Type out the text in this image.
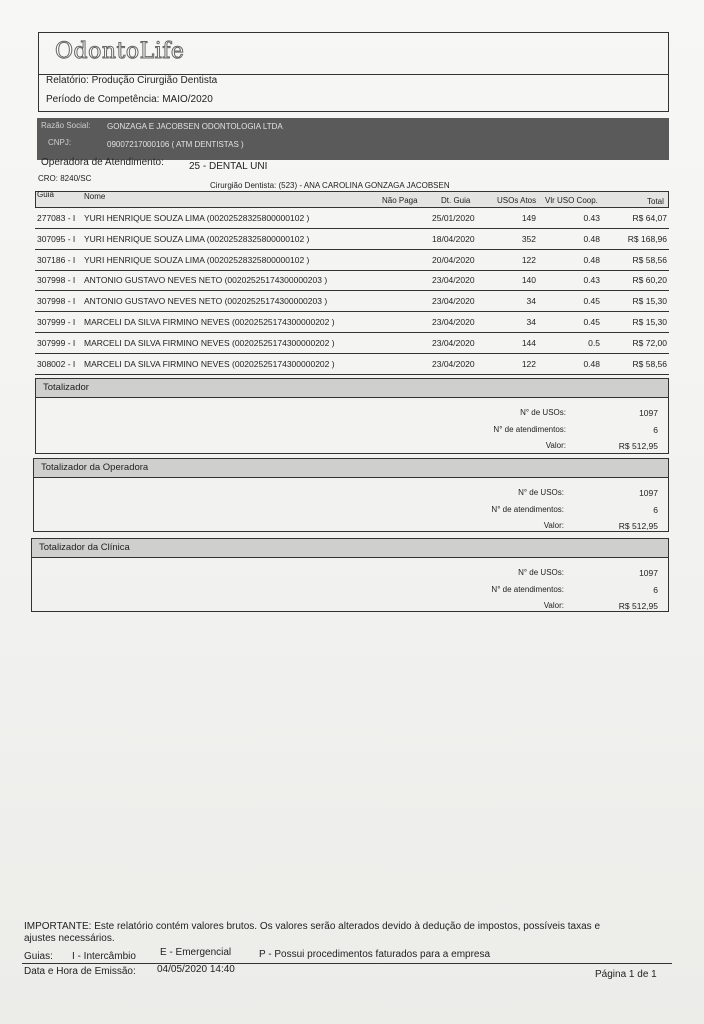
OdontoLife
Relatório: Produção Cirurgião Dentista
Período de Competência: MAIO/2020
Razão Social: GONZAGA E JACOBSEN ODONTOLOGIA LTDA
CNPJ:	09007217000106 ( ATM DENTISTAS )
Operadora de Atendimento:	25 - DENTAL UNI
CRO: 8240/SC
Cirurgião Dentista: (523) - ANA CAROLINA GONZAGA JACOBSEN
Guia	Nome	Não Paga	Dt. Guia	USOs Atos Vlr USO Coop.	Total
277083 - I YURI HENRIQUE SOUZA LIMA (00202528325800000102 )	25/01/2020	149	0.43	R$ 64,07
307095 - I YURI HENRIQUE SOUZA LIMA (00202528325800000102 )	18/04/2020	352	0.48	R$ 168,96
307186 - I YURI HENRIQUE SOUZA LIMA (00202528325800000102 )	20/04/2020	122	0.48	R$ 58,56
307998 - I ANTONIO GUSTAVO NEVES NETO (00202525174300000203 )	23/04/2020	140	0.43	R$ 60,20
307998 - I ANTONIO GUSTAVO NEVES NETO (00202525174300000203 )	23/04/2020	34	0.45	R$ 15,30
307999 - I MARCELI DA SILVA FIRMINO NEVES (00202525174300000202 )	23/04/2020	34	0.45	R$ 15,30
307999 - I MARCELI DA SILVA FIRMINO NEVES (00202525174300000202 )	23/04/2020	144	0.5	R$ 72,00
308002 - I MARCELI DA SILVA FIRMINO NEVES (00202525174300000202 )	23/04/2020	122	0.48	R$ 58,56
Totalizador
N° de USOs:	1097
N° de atendimentos:	6
Valor:	R$ 512,95
Totalizador da Operadora
N° de USOs:	1097
N° de atendimentos:	6
Valor:	R$ 512,95
Totalizador da Clínica
N° de USOs:	1097
N° de atendimentos:	6
Valor:	R$ 512,95
IMPORTANTE: Este relatório contém valores brutos. Os valores serão alterados devido à dedução de impostos, possíveis taxas e ajustes necessários.
Guias: I - Intercâmbio E - Emergencial	P - Possui procedimentos faturados para a empresa
Data e Hora de Emissão: 04/05/2020 14:40	Página 1 de 1
